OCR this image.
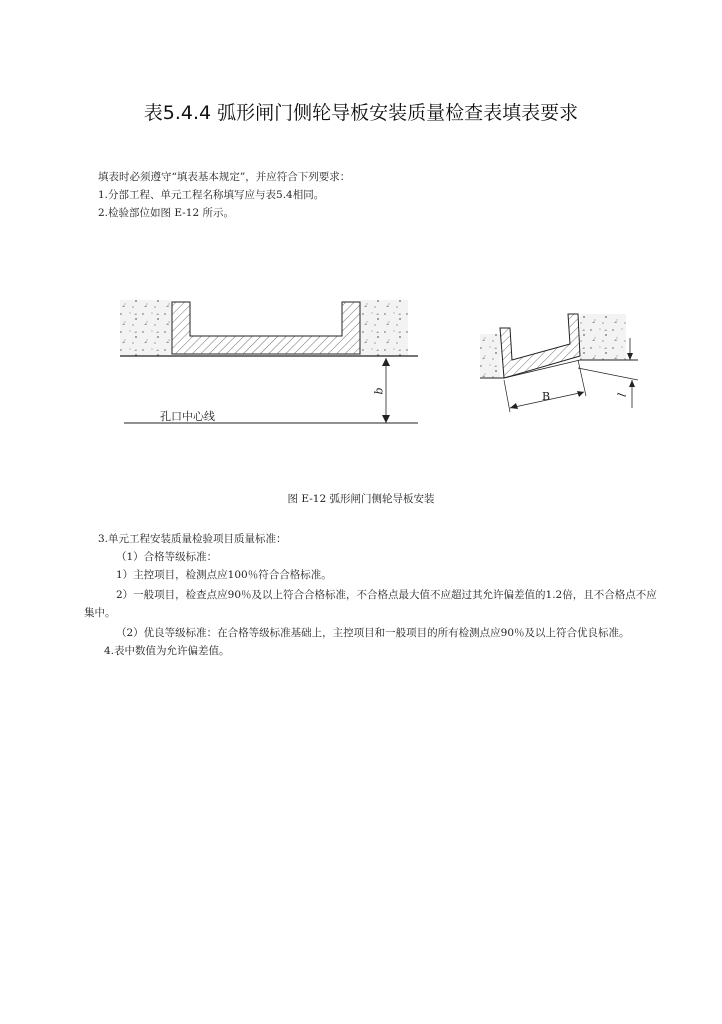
表5.4.4 弧形闸门侧轮导板安装质量检查表填表要求
填表时必须遵守“填表基本规定”，并应符合下列要求：
1.分部工程、单元工程名称填写应与表5.4相同。
2.检验部位如图 E-12 所示。
孔口中心线
b	B	l
图 E-12 弧形闸门侧轮导板安装
3.单元工程安装质量检验项目质量标准：
（1）合格等级标准：
1）主控项目，检测点应100％符合合格标准。
2）一般项目，检查点应90％及以上符合合格标准，不合格点最大值不应超过其允许偏差值的1.2倍，且不合格点不应集中。
（2）优良等级标准：在合格等级标准基础上，主控项目和一般项目的所有检测点应90％及以上符合优良标准。
4.表中数值为允许偏差值。
